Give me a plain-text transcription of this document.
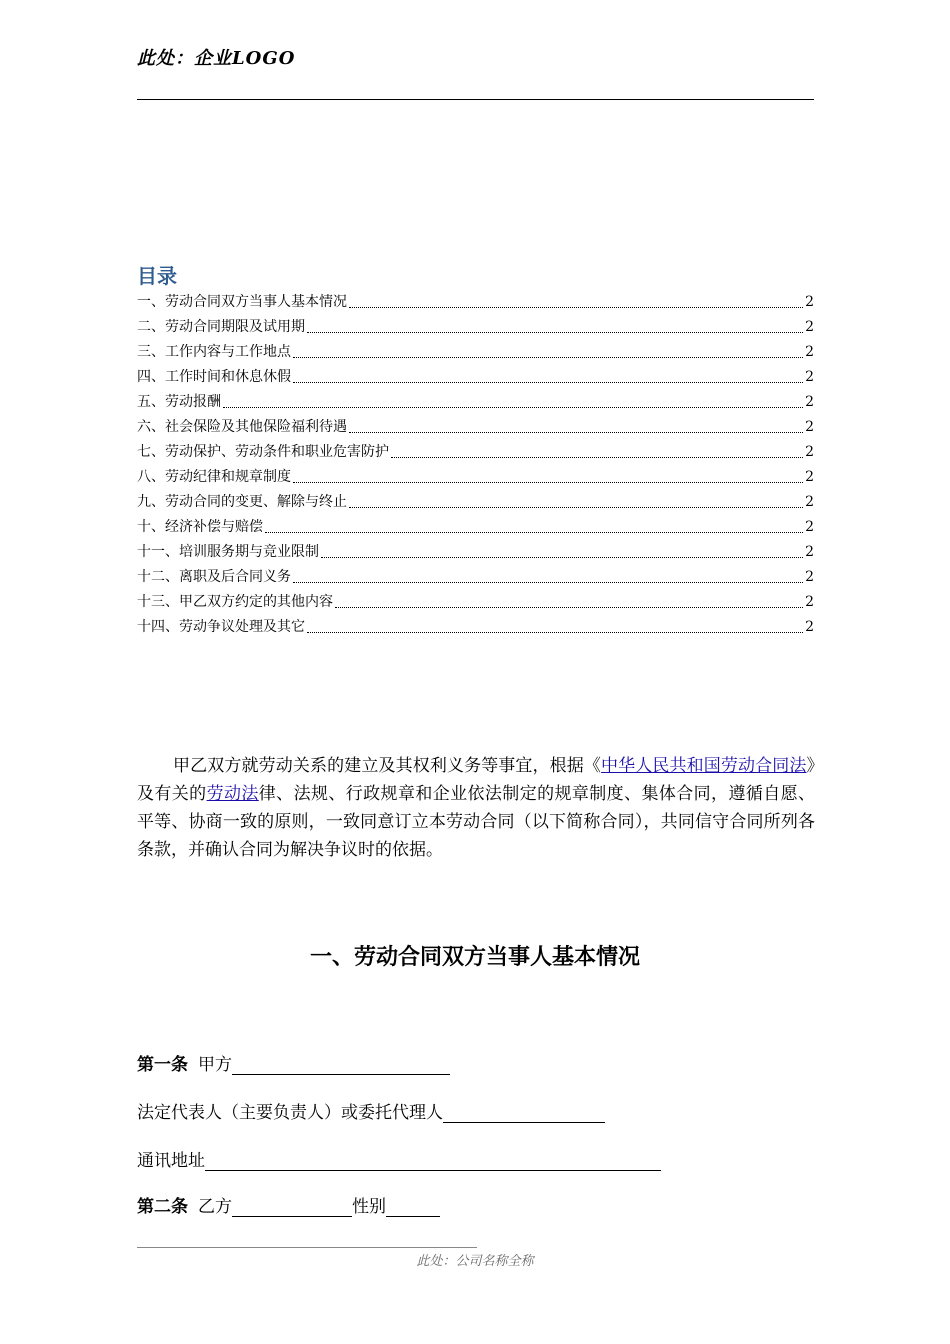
此处：企业LOGO
目录
一、劳动合同双方当事人基本情况	2
二、劳动合同期限及试用期	2
三、工作内容与工作地点	2
四、工作时间和休息休假	2
五、劳动报酬	2
六、社会保险及其他保险福利待遇	2
七、劳动保护、劳动条件和职业危害防护	2
八、劳动纪律和规章制度	2
九、劳动合同的变更、解除与终止	2
十、经济补偿与赔偿	2
十一、培训服务期与竞业限制	2
十二、离职及后合同义务	2
十三、甲乙双方约定的其他内容	2
十四、劳动争议处理及其它	2

甲乙双方就劳动关系的建立及其权利义务等事宜，根据《中华人民共和国劳动合同法》及有关的劳动法律、法规、行政规章和企业依法制定的规章制度、集体合同，遵循自愿、平等、协商一致的原则，一致同意订立本劳动合同（以下简称合同），共同信守合同所列各条款，并确认合同为解决争议时的依据。

一、劳动合同双方当事人基本情况
第一条 甲方
法定代表人（主要负责人）或委托代理人
通讯地址
第二条 乙方	性别
此处：公司名称全称
